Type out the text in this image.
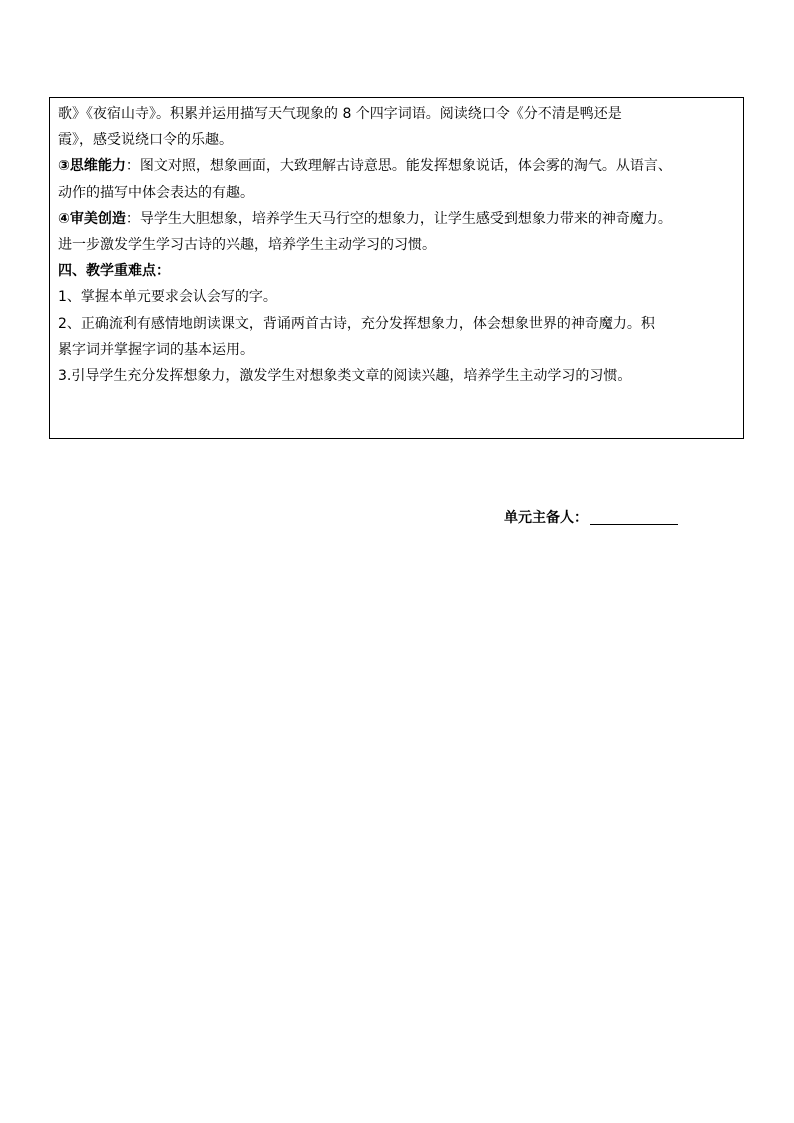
歌》《夜宿山寺》。积累并运用描写天气现象的 8 个四字词语。阅读绕口令《分不清是鸭还是
霞》，感受说绕口令的乐趣。
③思维能力：图文对照，想象画面，大致理解古诗意思。能发挥想象说话，体会雾的淘气。从语言、
动作的描写中体会表达的有趣。
④审美创造：导学生大胆想象，培养学生天马行空的想象力，让学生感受到想象力带来的神奇魔力。
进一步激发学生学习古诗的兴趣，培养学生主动学习的习惯。
四、教学重难点：
1、掌握本单元要求会认会写的字。
2、正确流利有感情地朗读课文，背诵两首古诗，充分发挥想象力，体会想象世界的神奇魔力。积
累字词并掌握字词的基本运用。
3.引导学生充分发挥想象力，激发学生对想象类文章的阅读兴趣，培养学生主动学习的习惯。
单元主备人：
